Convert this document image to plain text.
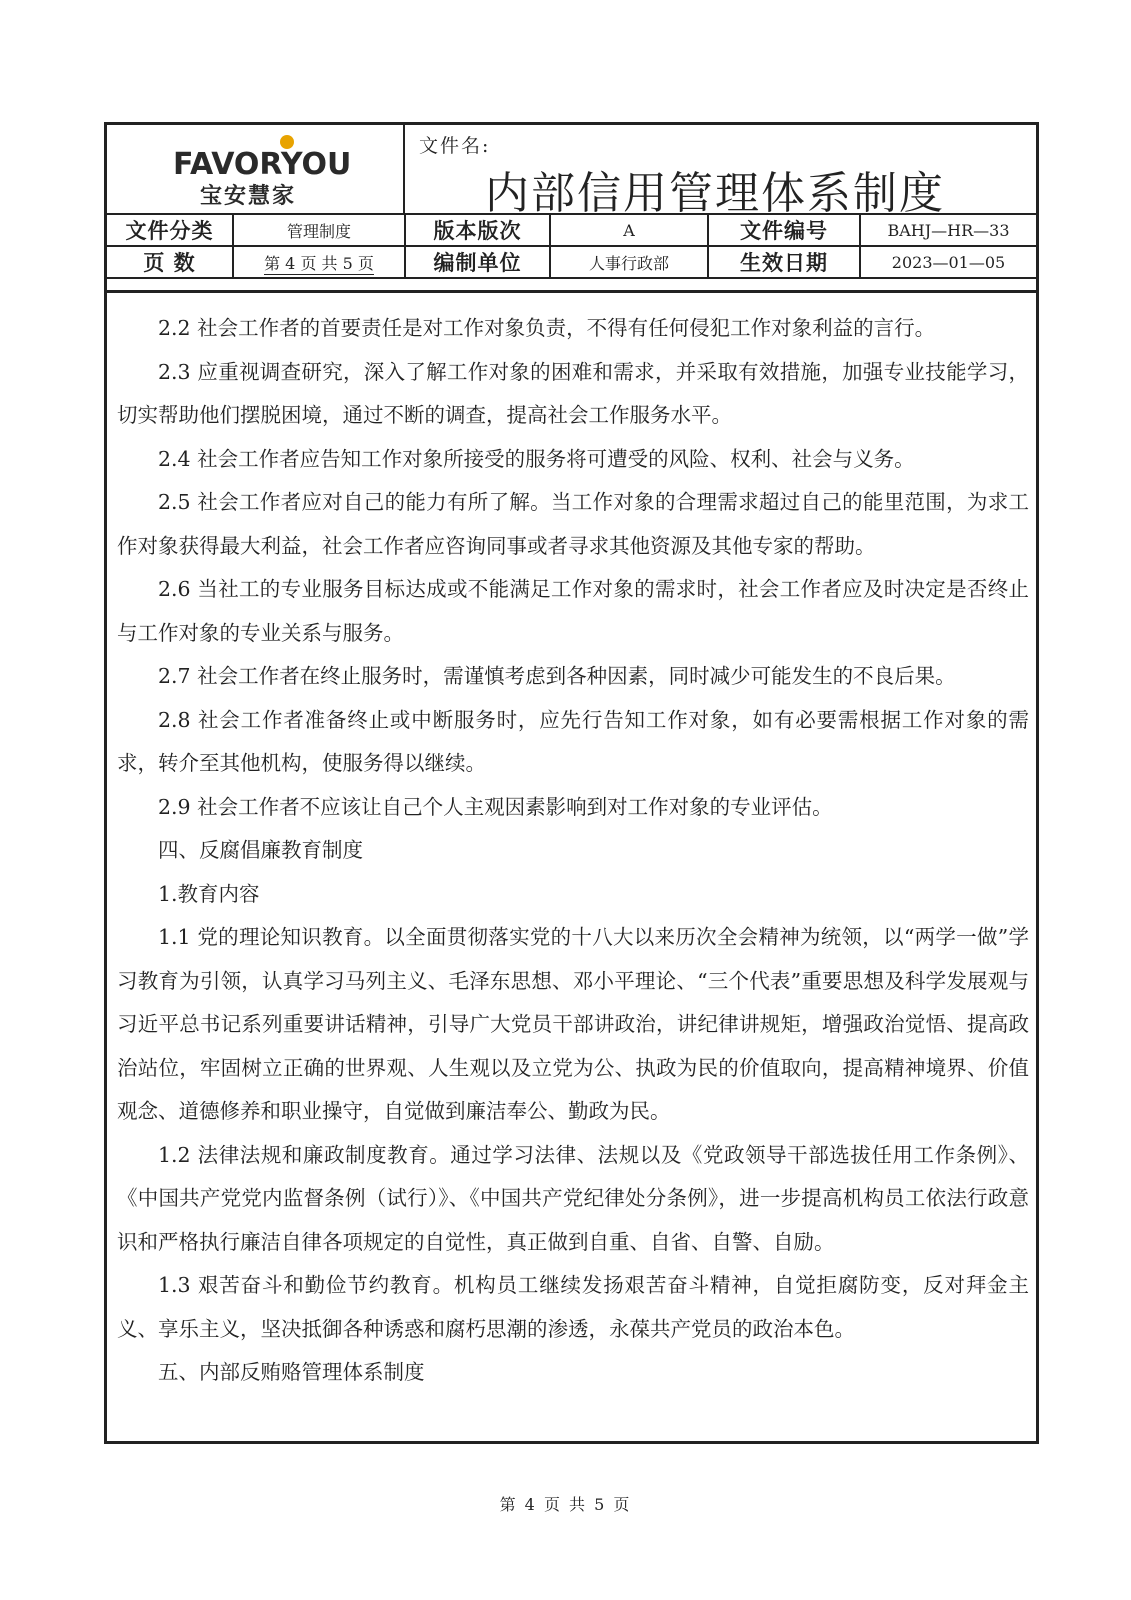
FAVORYOU
宝安慧家
文件名:
内部信用管理体系制度
文件分类	管理制度	版本版次	A	文件编号	BAHJ—HR—33
页 数	第 4 页 共 5 页	编制单位	人事行政部	生效日期	2023—01—05

2.2 社会工作者的首要责任是对工作对象负责，不得有任何侵犯工作对象利益的言行。

2.3 应重视调查研究，深入了解工作对象的困难和需求，并采取有效措施，加强专业技能学习，切实帮助他们摆脱困境，通过不断的调查，提高社会工作服务水平。

2.4 社会工作者应告知工作对象所接受的服务将可遭受的风险、权利、社会与义务。

2.5 社会工作者应对自己的能力有所了解。当工作对象的合理需求超过自己的能里范围，为求工作对象获得最大利益，社会工作者应咨询同事或者寻求其他资源及其他专家的帮助。

2.6 当社工的专业服务目标达成或不能满足工作对象的需求时，社会工作者应及时决定是否终止与工作对象的专业关系与服务。

2.7 社会工作者在终止服务时，需谨慎考虑到各种因素，同时减少可能发生的不良后果。

2.8 社会工作者准备终止或中断服务时，应先行告知工作对象，如有必要需根据工作对象的需求，转介至其他机构，使服务得以继续。

2.9 社会工作者不应该让自己个人主观因素影响到对工作对象的专业评估。

四、反腐倡廉教育制度

1.教育内容

1.1 党的理论知识教育。以全面贯彻落实党的十八大以来历次全会精神为统领，以“两学一做”学习教育为引领，认真学习马列主义、毛泽东思想、邓小平理论、“三个代表”重要思想及科学发展观与习近平总书记系列重要讲话精神，引导广大党员干部讲政治，讲纪律讲规矩，增强政治觉悟、提高政治站位，牢固树立正确的世界观、人生观以及立党为公、执政为民的价值取向，提高精神境界、价值观念、道德修养和职业操守，自觉做到廉洁奉公、勤政为民。

1.2 法律法规和廉政制度教育。通过学习法律、法规以及《党政领导干部选拔任用工作条例》、《中国共产党党内监督条例（试行）》、《中国共产党纪律处分条例》，进一步提高机构员工依法行政意识和严格执行廉洁自律各项规定的自觉性，真正做到自重、自省、自警、自励。

1.3 艰苦奋斗和勤俭节约教育。机构员工继续发扬艰苦奋斗精神，自觉拒腐防变，反对拜金主义、享乐主义，坚决抵御各种诱惑和腐朽思潮的渗透，永葆共产党员的政治本色。

五、内部反贿赂管理体系制度

第 4 页 共 5 页
